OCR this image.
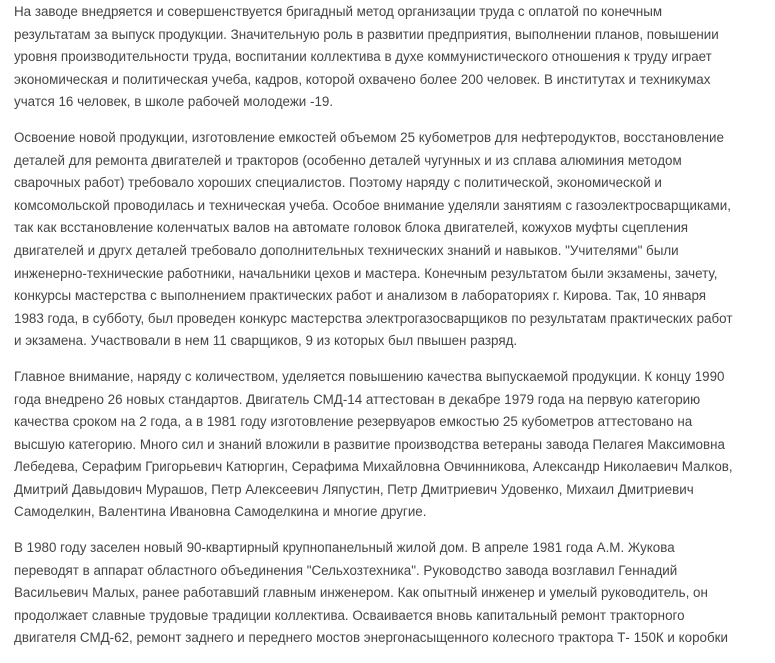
На заводе внедряется и совершенствуется бригадный метод организации труда с оплатой по конечным
результатам за выпуск продукции. Значительную роль в развитии предприятия, выполнении планов, повышении
уровня производительности труда, воспитании коллектива в духе коммунистического отношения к труду играет
экономическая и политическая учеба, кадров, которой охвачено более 200 человек. В институтах и техникумах
учатся 16 человек, в школе рабочей молодежи -19.

Освоение новой продукции, изготовление емкостей объемом 25 кубометров для нефтеродуктов, восстановление
деталей для ремонта двигателей и тракторов (особенно деталей чугунных и из сплава алюминия методом
сварочных работ) требовало хороших специалистов. Поэтому наряду с политической, экономической и
комсомольской проводилась и техническая учеба. Особое внимание уделяли занятиям с газоэлектросварщиками,
так как всстановление коленчатых валов на автомате головок блока двигателей, кожухов муфты сцепления
двигателей и другх деталей требовало дополнительных технических знаний и навыков. "Учителями" были
инженерно-технические работники, начальники цехов и мастера. Конечным результатом были экзамены, зачету,
конкурсы мастерства с выполнением практических работ и анализом в лабораториях г. Кирова. Так, 10 января
1983 года, в субботу, был проведен конкурс мастерства электрогазосварщиков по результатам практических работ
и экзамена. Участвовали в нем 11 сварщиков, 9 из которых был пвышен разряд.

Главное внимание, наряду с количеством, уделяется повышению качества выпускаемой продукции. К концу 1990
года внедрено 26 новых стандартов. Двигатель СМД-14 аттестован в декабре 1979 года на первую категорию
качества сроком на 2 года, а в 1981 году изготовление резервуаров емкостью 25 кубометров аттестовано на
высшую категорию. Много сил и знаний вложили в развитие производства ветераны завода Пелагея Максимовна
Лебедева, Серафим Григорьевич Катюргин, Серафима Михайловна Овчинникова, Александр Николаевич Малков,
Дмитрий Давыдович Мурашов, Петр Алексеевич Ляпустин, Петр Дмитриевич Удовенко, Михаил Дмитриевич
Самоделкин, Валентина Ивановна Самоделкина и многие другие.

В 1980 году заселен новый 90-квартирный крупнопанельный жилой дом. В апреле 1981 года А.М. Жукова
переводят в аппарат областного объединения "Сельхозтехника". Руководство завода возглавил Геннадий
Васильевич Малых, ранее работавший главным инженером. Как опытный инженер и умелый руководитель, он
продолжает славные трудовые традиции коллектива. Осваивается вновь капитальный ремонт тракторного
двигателя СМД-62, ремонт заднего и переднего мостов энергонасыщенного колесного трактора Т- 150К и коробки
